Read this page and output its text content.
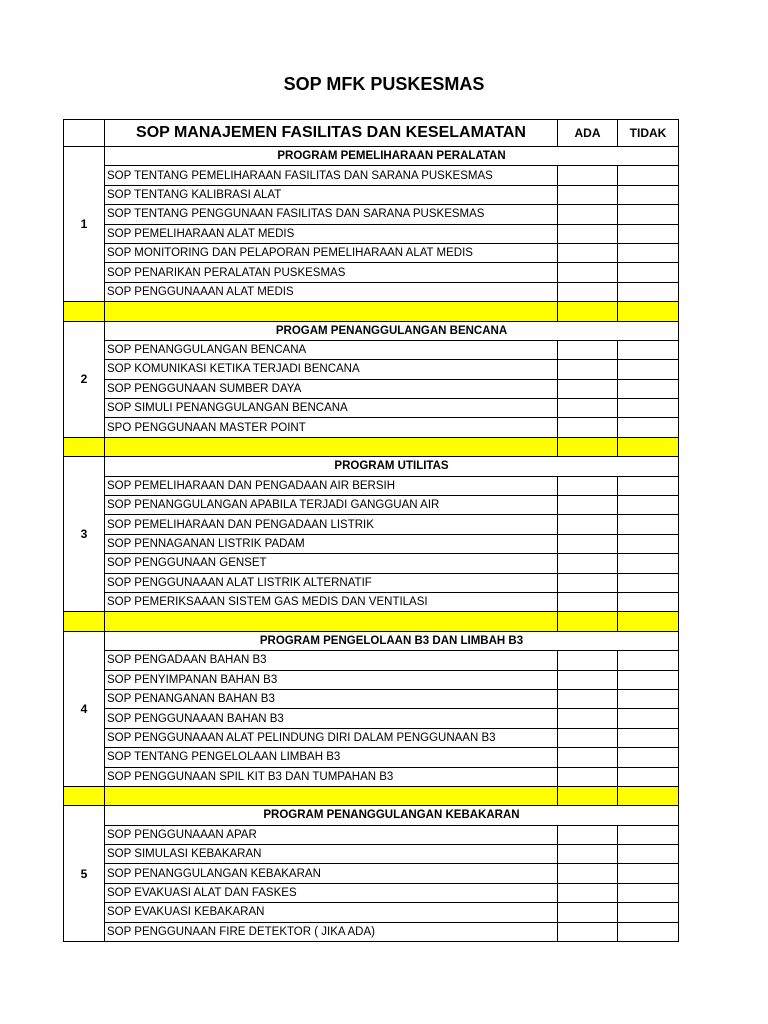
SOP MFK PUSKESMAS
	SOP MANAJEMEN FASILITAS DAN KESELAMATAN	ADA	TIDAK
1	PROGRAM PEMELIHARAAN PERALATAN		
	SOP TENTANG PEMELIHARAAN FASILITAS DAN SARANA PUSKESMAS		
	SOP TENTANG KALIBRASI ALAT		
	SOP TENTANG PENGGUNAAN FASILITAS DAN SARANA PUSKESMAS		
	SOP PEMELIHARAAN ALAT MEDIS		
	SOP MONITORING DAN PELAPORAN PEMELIHARAAN ALAT MEDIS		
	SOP PENARIKAN PERALATAN PUSKESMAS		
	SOP PENGGUNAAAN ALAT MEDIS		

2	PROGAM PENANGGULANGAN BENCANA		
	SOP PENANGGULANGAN BENCANA		
	SOP KOMUNIKASI KETIKA TERJADI BENCANA		
	SOP PENGGUNAAN SUMBER DAYA		
	SOP SIMULI PENANGGULANGAN BENCANA		
	SPO PENGGUNAAN MASTER POINT		

3	PROGRAM UTILITAS		
	SOP PEMELIHARAAN DAN PENGADAAN AIR BERSIH		
	SOP PENANGGULANGAN APABILA TERJADI GANGGUAN AIR		
	SOP PEMELIHARAAN DAN PENGADAAN LISTRIK		
	SOP PENNAGANAN LISTRIK PADAM		
	SOP PENGGUNAAN GENSET		
	SOP PENGGUNAAAN ALAT LISTRIK ALTERNATIF		
	SOP PEMERIKSAAAN SISTEM GAS MEDIS DAN VENTILASI		

4	PROGRAM PENGELOLAAN B3 DAN LIMBAH B3		
	SOP PENGADAAN BAHAN B3		
	SOP PENYIMPANAN BAHAN B3		
	SOP PENANGANAN BAHAN B3		
	SOP PENGGUNAAAN BAHAN B3		
	SOP PENGGUNAAAN ALAT PELINDUNG DIRI DALAM PENGGUNAAN B3		
	SOP TENTANG PENGELOLAAN LIMBAH B3		
	SOP PENGGUNAAN SPIL KIT B3 DAN TUMPAHAN B3		

5	PROGRAM PENANGGULANGAN KEBAKARAN		
	SOP PENGGUNAAAN APAR		
	SOP SIMULASI KEBAKARAN		
	SOP PENANGGULANGAN KEBAKARAN		
	SOP EVAKUASI ALAT DAN FASKES		
	SOP EVAKUASI KEBAKARAN		
	SOP PENGGUNAAN FIRE DETEKTOR ( JIKA ADA)		
